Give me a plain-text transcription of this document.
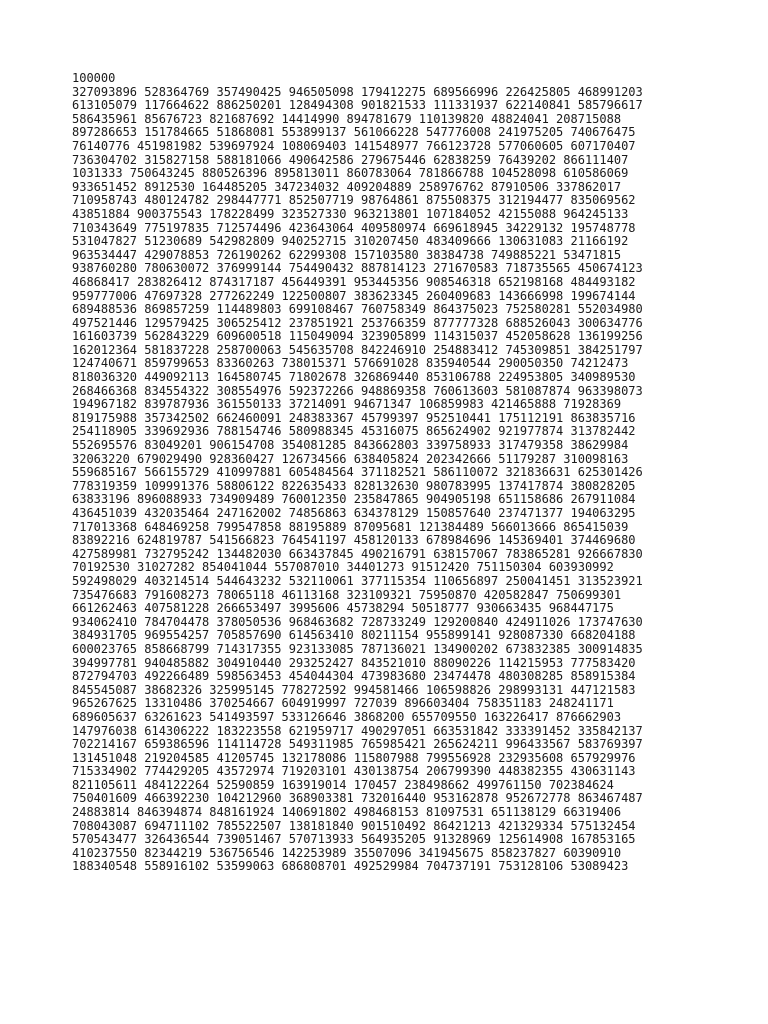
100000
327093896 528364769 357490425 946505098 179412275 689566996 226425805 468991203
613105079 117664622 886250201 128494308 901821533 111331937 622140841 585796617
586435961 85676723 821687692 14414990 894781679 110139820 48824041 208715088
897286653 151784665 51868081 553899137 561066228 547776008 241975205 740676475
76140776 451981982 539697924 108069403 141548977 766123728 577060605 607170407
736304702 315827158 588181066 490642586 279675446 62838259 76439202 866111407
1031333 750643245 880526396 895813011 860783064 781866788 104528098 610586069
933651452 8912530 164485205 347234032 409204889 258976762 87910506 337862017
710958743 480124782 298447771 852507719 98764861 875508375 312194477 835069562
43851884 900375543 178228499 323527330 963213801 107184052 42155088 964245133
710343649 775197835 712574496 423643064 409580974 669618945 34229132 195748778
531047827 51230689 542982809 940252715 310207450 483409666 130631083 21166192
963534447 429078853 726190262 62299308 157103580 38384738 749885221 53471815
938760280 780630072 376999144 754490432 887814123 271670583 718735565 450674123
46868417 283826412 874317187 456449391 953445356 908546318 652198168 484493182
959777006 47697328 277262249 122500807 383623345 260409683 143666998 199674144
689488536 869857259 114489803 699108467 760758349 864375023 752580281 552034980
497521446 129579425 306525412 237851921 253766359 877777328 688526043 300634776
161603739 562843229 609600518 115049094 323905899 114315037 452058628 136199256
162012364 581837228 258700063 545635708 842246910 254883412 745309851 384251797
124740671 859799653 83360263 738015371 576691028 835940544 290050350 74212473
818036320 449092113 164580745 71802678 326869440 853106788 224953805 340989530
268466368 834554322 308554976 592372266 948869358 760613603 581087874 963398073
194967182 839787936 361550133 37214091 94671347 106859983 421465888 71928369
819175988 357342502 662460091 248383367 45799397 952510441 175112191 863835716
254118905 339692936 788154746 580988345 45316075 865624902 921977874 313782442
552695576 83049201 906154708 354081285 843662803 339758933 317479358 38629984
32063220 679029490 928360427 126734566 638405824 202342666 51179287 310098163
559685167 566155729 410997881 605484564 371182521 586110072 321836631 625301426
778319359 109991376 58806122 822635433 828132630 980783995 137417874 380828205
63833196 896088933 734909489 760012350 235847865 904905198 651158686 267911084
436451039 432035464 247162002 74856863 634378129 150857640 237471377 194063295
717013368 648469258 799547858 88195889 87095681 121384489 566013666 865415039
83892216 624819787 541566823 764541197 458120133 678984696 145369401 374469680
427589981 732795242 134482030 663437845 490216791 638157067 783865281 926667830
70192530 31027282 854041044 557087010 34401273 91512420 751150304 603930992
592498029 403214514 544643232 532110061 377115354 110656897 250041451 313523921
735476683 791608273 78065118 46113168 323109321 75950870 420582847 750699301
661262463 407581228 266653497 3995606 45738294 50518777 930663435 968447175
934062410 784704478 378050536 968463682 728733249 129200840 424911026 173747630
384931705 969554257 705857690 614563410 80211154 955899141 928087330 668204188
600023765 858668799 714317355 923133085 787136021 134900202 673832385 300914835
394997781 940485882 304910440 293252427 843521010 88090226 114215953 777583420
872794703 492266489 598563453 454044304 473983680 23474478 480308285 858915384
845545087 38682326 325995145 778272592 994581466 106598826 298993131 447121583
965267625 13310486 370254667 604919997 727039 896603404 758351183 248241171
689605637 63261623 541493597 533126646 3868200 655709550 163226417 876662903
147976038 614306222 183223558 621959717 490297051 663531842 333391452 335842137
702214167 659386596 114114728 549311985 765985421 265624211 996433567 583769397
131451048 219204585 41205745 132178086 115807988 799556928 232935608 657929976
715334902 774429205 43572974 719203101 430138754 206799390 448382355 430631143
821105611 484122264 52590859 163919014 170457 238498662 499761150 702384624
750401609 466392230 104212960 368903381 732016440 953162878 952672778 863467487
24883814 846394874 848161924 140691802 498468153 81097531 651138129 66319406
708043087 694711102 785522507 138181840 901510492 86421213 421329334 575132454
570543477 326436544 739051467 570713933 564935205 91328969 125614908 167853165
410237550 82344219 536756546 142253989 35507096 341945675 858237827 60390910
188340548 558916102 53599063 686808701 492529984 704737191 753128106 53089423
